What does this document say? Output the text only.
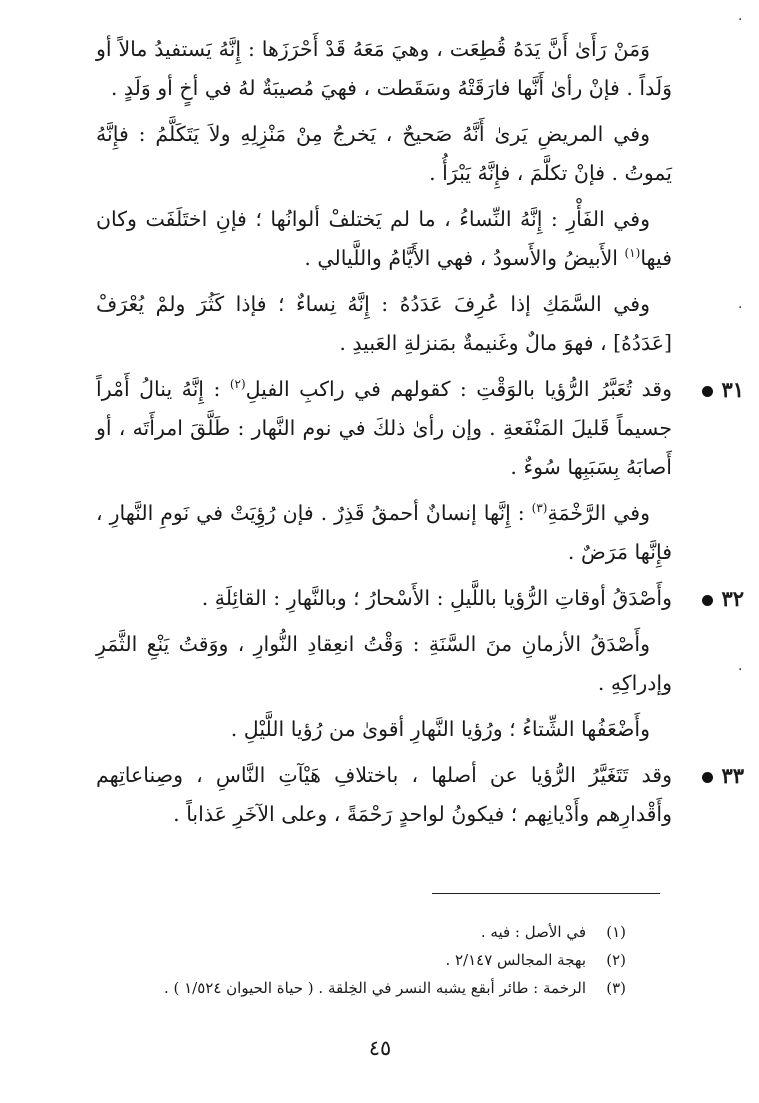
·
·
·

وَمَنْ رَأَىٰ أَنَّ يَدَهُ قُطِعَت ، وهيَ مَعَهُ قَدْ أَحْرَزَها : إِنَّهُ يَستفيدُ مالاً أو وَلَداً . فإنْ رأىٰ أَنَّها فارَقَتْهُ وسَقَطت ، فهيَ مُصيبَةٌ لهُ في أخٍ أو وَلَدٍ .

وفي المريضِ يَرىٰ أَنَّهُ صَحيحٌ ، يَخرجُ مِنْ مَنْزِلِهِ ولاَ يَتَكَلَّمُ : فإِنَّهُ يَموتُ . فإنْ تكلَّمَ ، فإِنَّهُ يَبْرَأُ .

وفي الفَأْرِ : إِنَّهُ النِّساءُ ، ما لم يَختلفْ ألوانُها ؛ فإنِ اختَلَفَت وكان فيها$^{(١)}$ الأَبيضُ والأَسودُ ، فهي الأَيَّامُ واللَّيالي .

وفي السَّمَكِ إذا عُرِفَ عَدَدُهُ : إِنَّهُ نِساءٌ ؛ فإذا كَثُرَ ولمْ يُعْرَفْ [عَدَدُهُ] ، فهوَ مالٌ وغَنيمةٌ بمَنزلةِ العَبيدِ .

٣١
وقد تُعَبَّرُ الرُّؤيا بالوَقْتِ : كقولهم في راكبِ الفيلِ$^{(٢)}$ : إِنَّهُ ينالُ أَمْراً جسيماً قَليلَ المَنْفَعةِ . وإن رأىٰ ذلكَ في نوم النَّهار : طَلَّقَ امرأَتَه ، أو أَصابَهُ بِسَبَبِها سُوءٌ .

وفي الرَّخْمَةِ$^{(٣)}$ : إِنَّها إنسانٌ أحمقُ قَذِرٌ . فإن رُؤِيَتْ في نَومِ النَّهارِ ، فإِنَّها مَرَضٌ .

٣٢
وأَصْدَقُ أوقاتِ الرُّؤيا باللَّيلِ : الأَسْحارُ ؛ وبالنَّهارِ : القائِلَةِ .

وأَصْدَقُ الأزمانِ منَ السَّنَةِ : وَقْتُ انعِقادِ النُّوارِ ، ووَقتُ يَنْعِ الثَّمَرِ وإدراكِهِ .

وأَضْعَفُها الشِّتاءُ ؛ ورُؤيا النَّهارِ أقوىٰ من رُؤيا اللَّيْلِ .

٣٣
وقد تَتَغَيَّرُ الرُّؤيا عن أصلها ، باختلافِ هَيْآتِ النَّاسِ ، وصِناعاتِهم وأَقْدارِهم وأَدْيانِهم ؛ فيكونُ لواحدٍ رَحْمَةً ، وعلى الآخَرِ عَذاباً .

(١)في الأصل : فيه .

(٢)بهجة المجالس ٢/١٤٧ .

(٣)الرخمة : طائر أبقع يشبه النسر في الخِلقة . ( حياة الحيوان ١/٥٢٤ ) .

٤٥
